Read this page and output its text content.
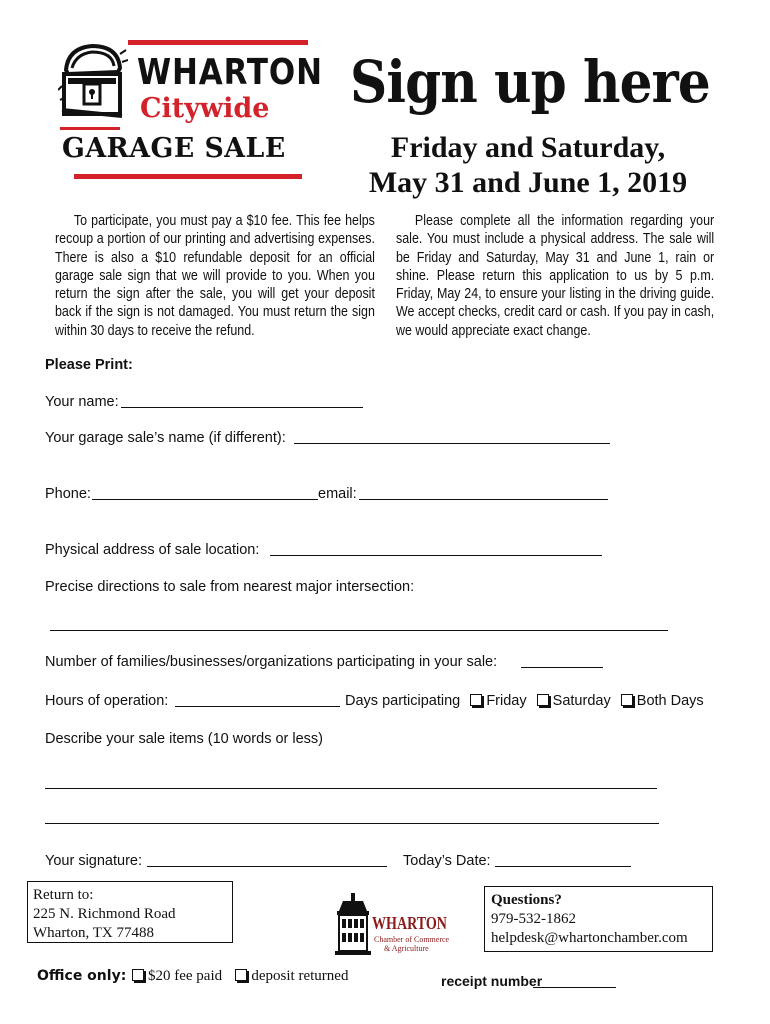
WHARTON
Citywide
GARAGE SALE
Sign up here
Friday and Saturday,
May 31 and June 1, 2019

To participate, you must pay a $10 fee. This fee helps recoup a portion of our printing and advertising expenses. There is also a $10 refundable deposit for an official garage sale sign that we will provide to you. When you return the sign after the sale, you will get your deposit back if the sign is not damaged. You must return the sign within 30 days to receive the refund.

Please complete all the information regarding your sale. You must include a physical address. The sale will be Friday and Saturday, May 31 and June 1, rain or shine. Please return this application to us by 5 p.m. Friday, May 24, to ensure your listing in the driving guide. We accept checks, credit card or cash. If you pay in cash, we would appreciate exact change.

Please Print:
Your name:
Your garage sale’s name (if different):
Phone:	email:
Physical address of sale location:
Precise directions to sale from nearest major intersection:
Number of families/businesses/organizations participating in your sale:
Hours of operation:	Days participating Friday Saturday Both Days
Describe your sale items (10 words or less)
Your signature:	Today’s Date:
Return to:
225 N. Richmond Road
Wharton, TX 77488	WHARTON
Chamber of Commerce
& Agriculture
Questions?
979-532-1862
helpdesk@whartonchamber.com
Office only:	$20 fee paid deposit returned	receipt number
